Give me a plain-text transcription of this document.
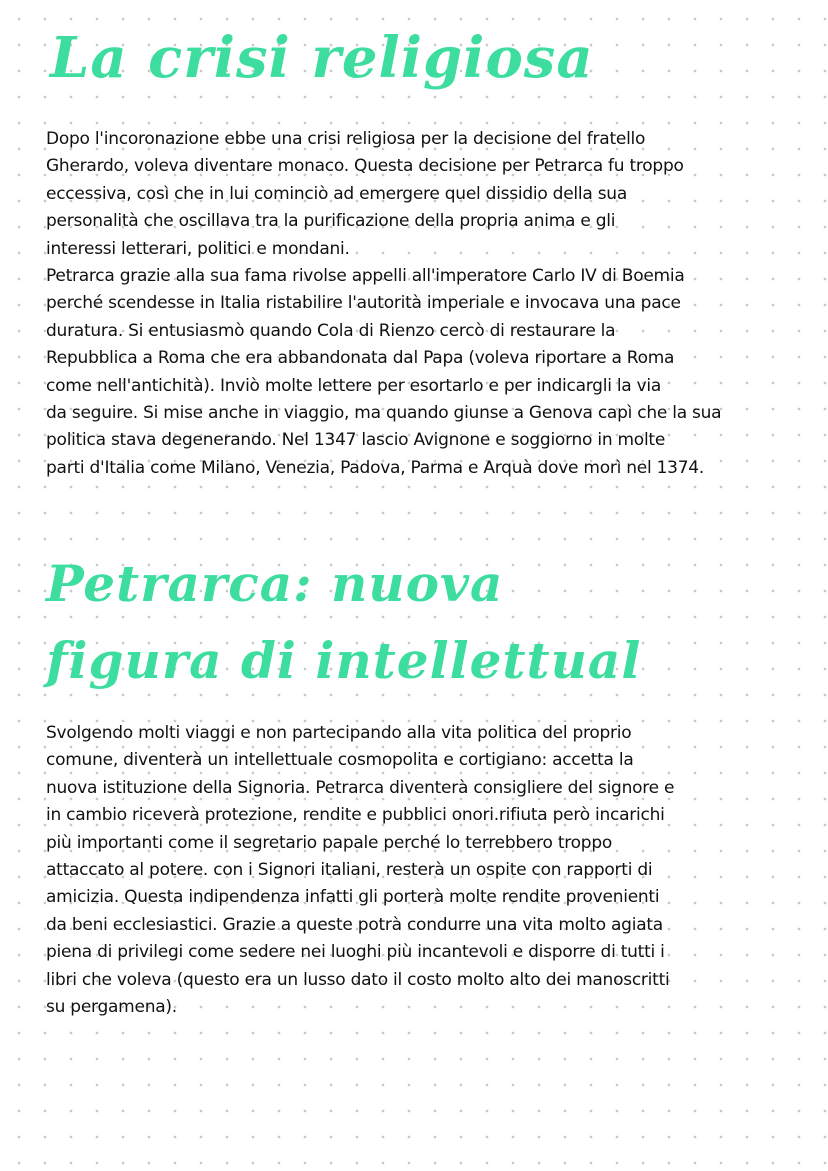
La crisi religiosa

Dopo l'incoronazione ebbe una crisi religiosa per la decisione del fratello
Gherardo, voleva diventare monaco. Questa decisione per Petrarca fu troppo
eccessiva, così che in lui cominciò ad emergere quel dissidio della sua
personalità che oscillava tra la purificazione della propria anima e gli
interessi letterari, politici e mondani.
Petrarca grazie alla sua fama rivolse appelli all'imperatore Carlo IV di Boemia
perché scendesse in Italia ristabilire l'autorità imperiale e invocava una pace
duratura. Si entusiasmò quando Cola di Rienzo cercò di restaurare la
Repubblica a Roma che era abbandonata dal Papa (voleva riportare a Roma
come nell'antichità). Inviò molte lettere per esortarlo e per indicargli la via
da seguire. Si mise anche in viaggio, ma quando giunse a Genova capì che la sua
politica stava degenerando. Nel 1347 lascio Avignone e soggiorno in molte
parti d'Italia come Milano, Venezia, Padova, Parma e Arquà dove morì nel 1374.

Petrarca: nuova
figura di intellettual

Svolgendo molti viaggi e non partecipando alla vita politica del proprio
comune, diventerà un intellettuale cosmopolita e cortigiano: accetta la
nuova istituzione della Signoria. Petrarca diventerà consigliere del signore e
in cambio riceverà protezione, rendite e pubblici onori.rifiuta però incarichi
più importanti come il segretario papale perché lo terrebbero troppo
attaccato al potere. con i Signori italiani, resterà un ospite con rapporti di
amicizia. Questa indipendenza infatti gli porterà molte rendite provenienti
da beni ecclesiastici. Grazie a queste potrà condurre una vita molto agiata
piena di privilegi come sedere nei luoghi più incantevoli e disporre di tutti i
libri che voleva (questo era un lusso dato il costo molto alto dei manoscritti
su pergamena).
